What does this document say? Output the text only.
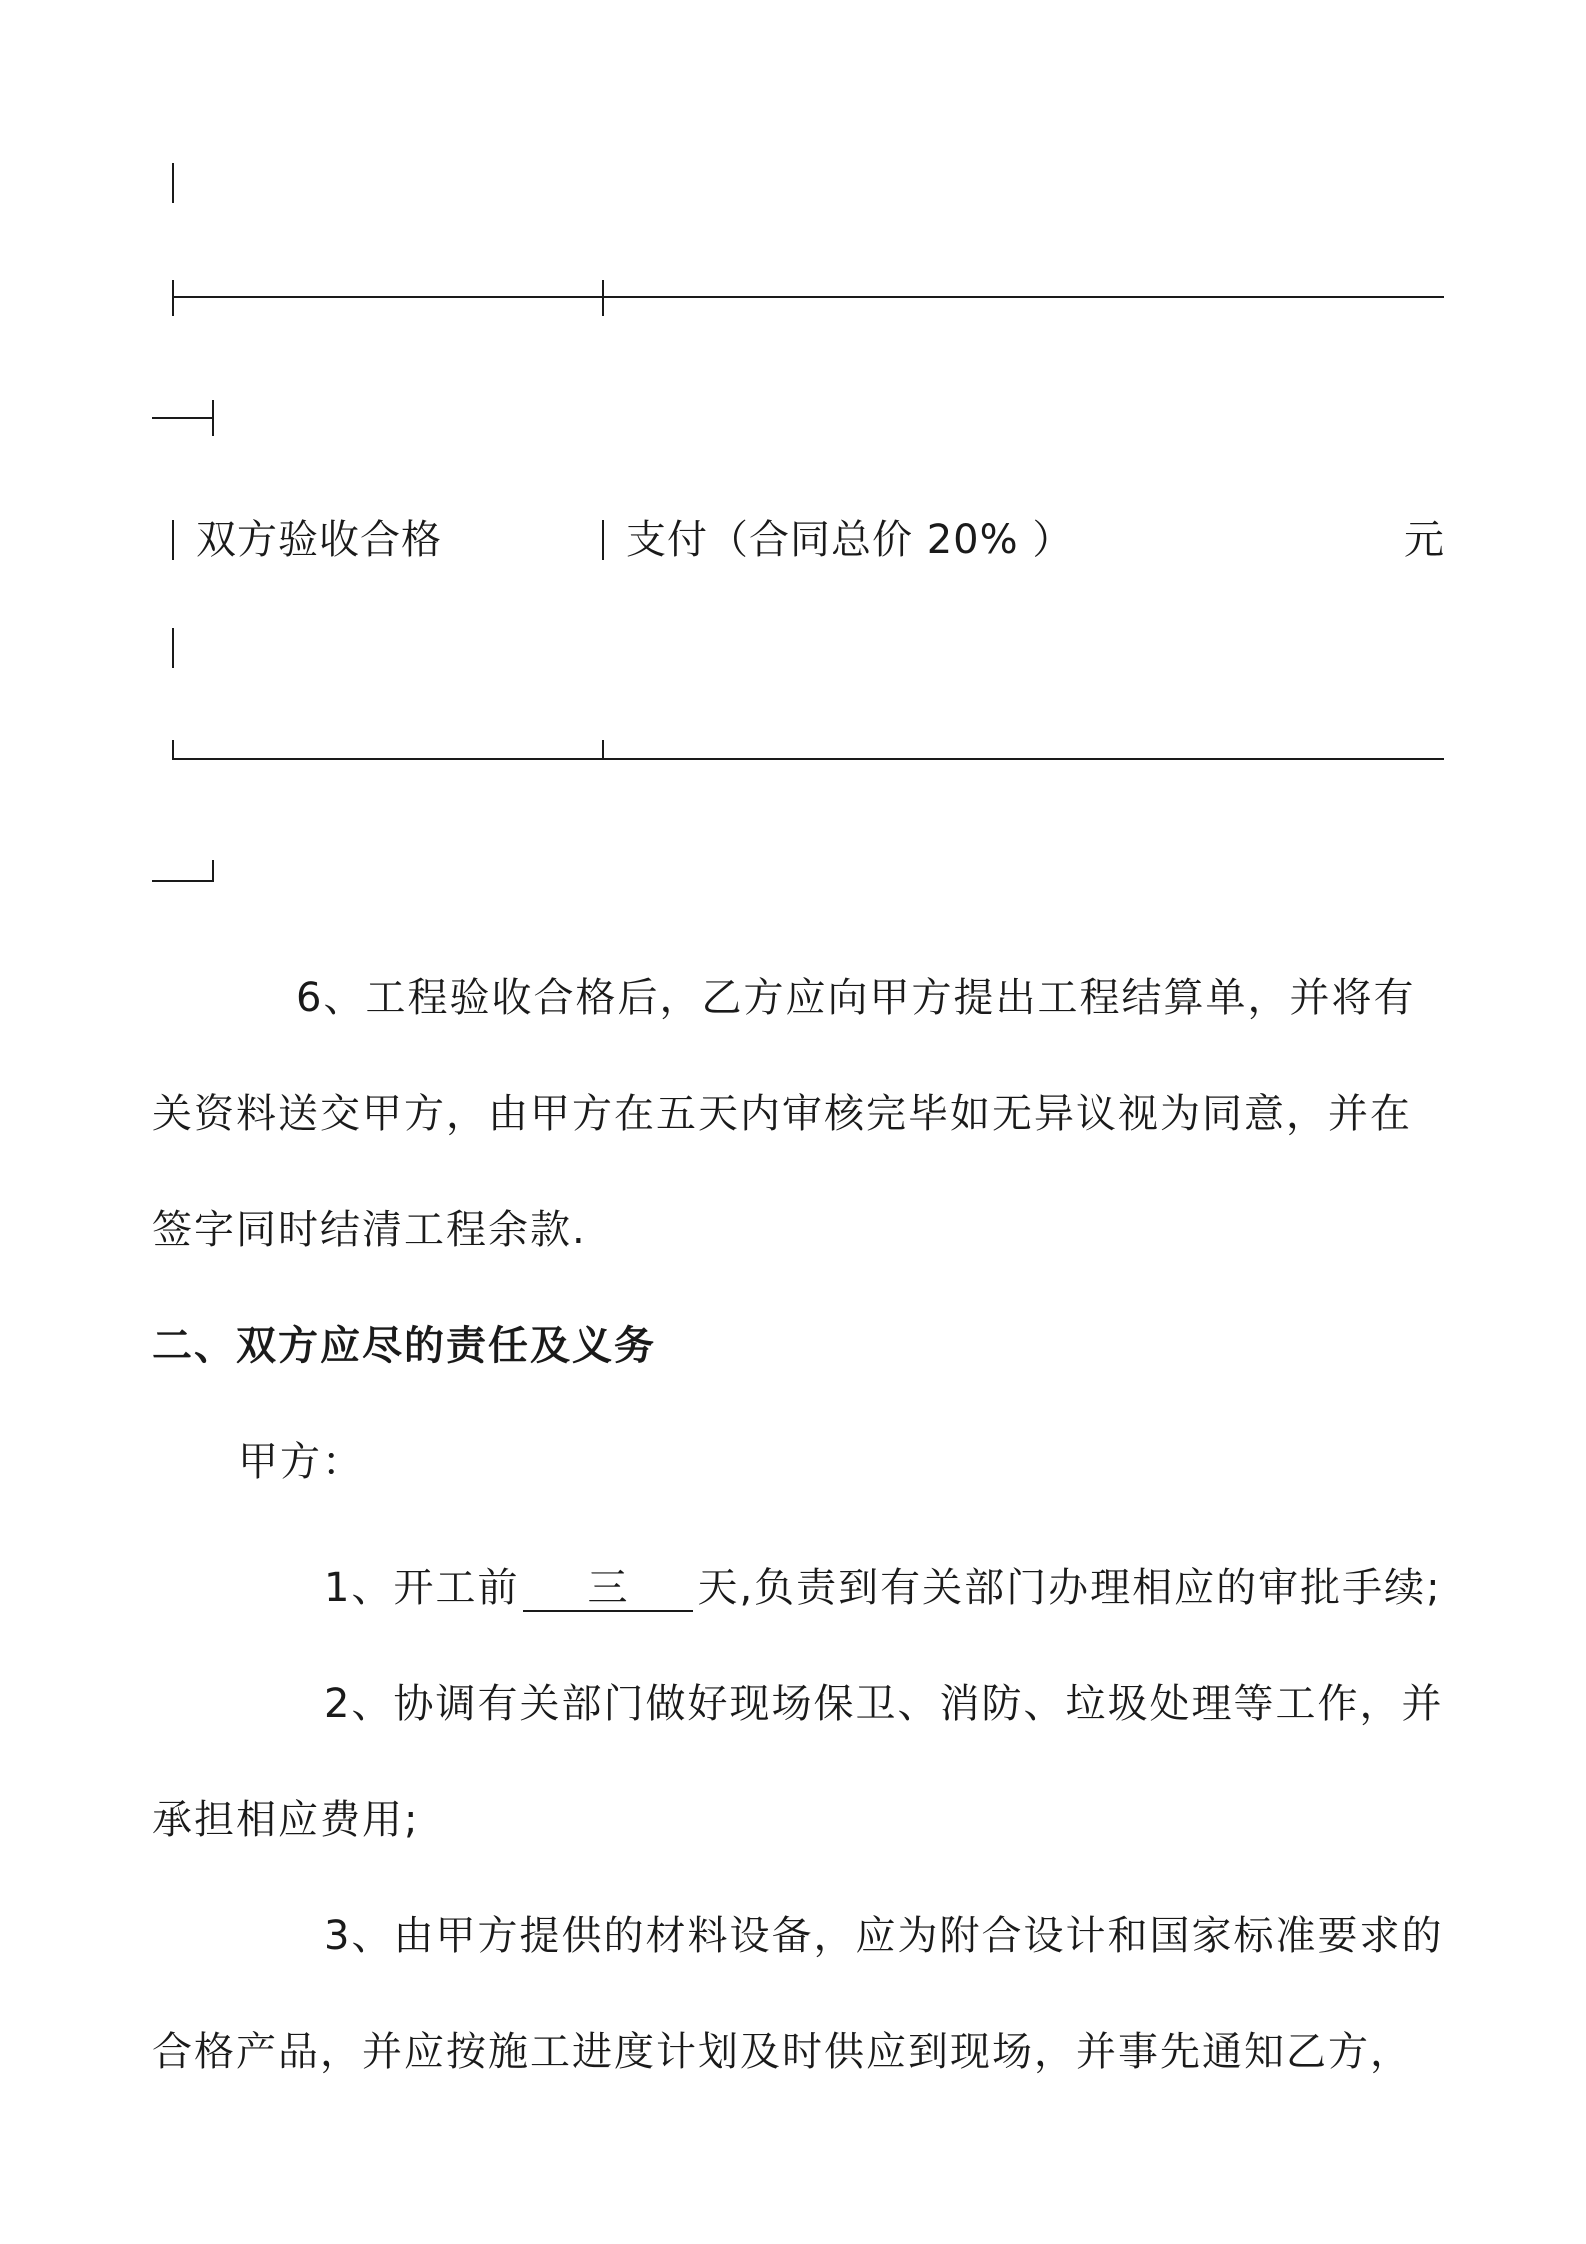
双方验收合格	支付（合同总价 20% ）	元
6、工程验收合格后，乙方应向甲方提出工程结算单，并将有
关资料送交甲方，由甲方在五天内审核完毕如无异议视为同意，并在
签字同时结清工程余款.
二、双方应尽的责任及义务
甲方：
1、开工前 三 天,负责到有关部门办理相应的审批手续;
2、协调有关部门做好现场保卫、消防、垃圾处理等工作，并
承担相应费用;
3、由甲方提供的材料设备，应为附合设计和国家标准要求的
合格产品，并应按施工进度计划及时供应到现场，并事先通知乙方，
